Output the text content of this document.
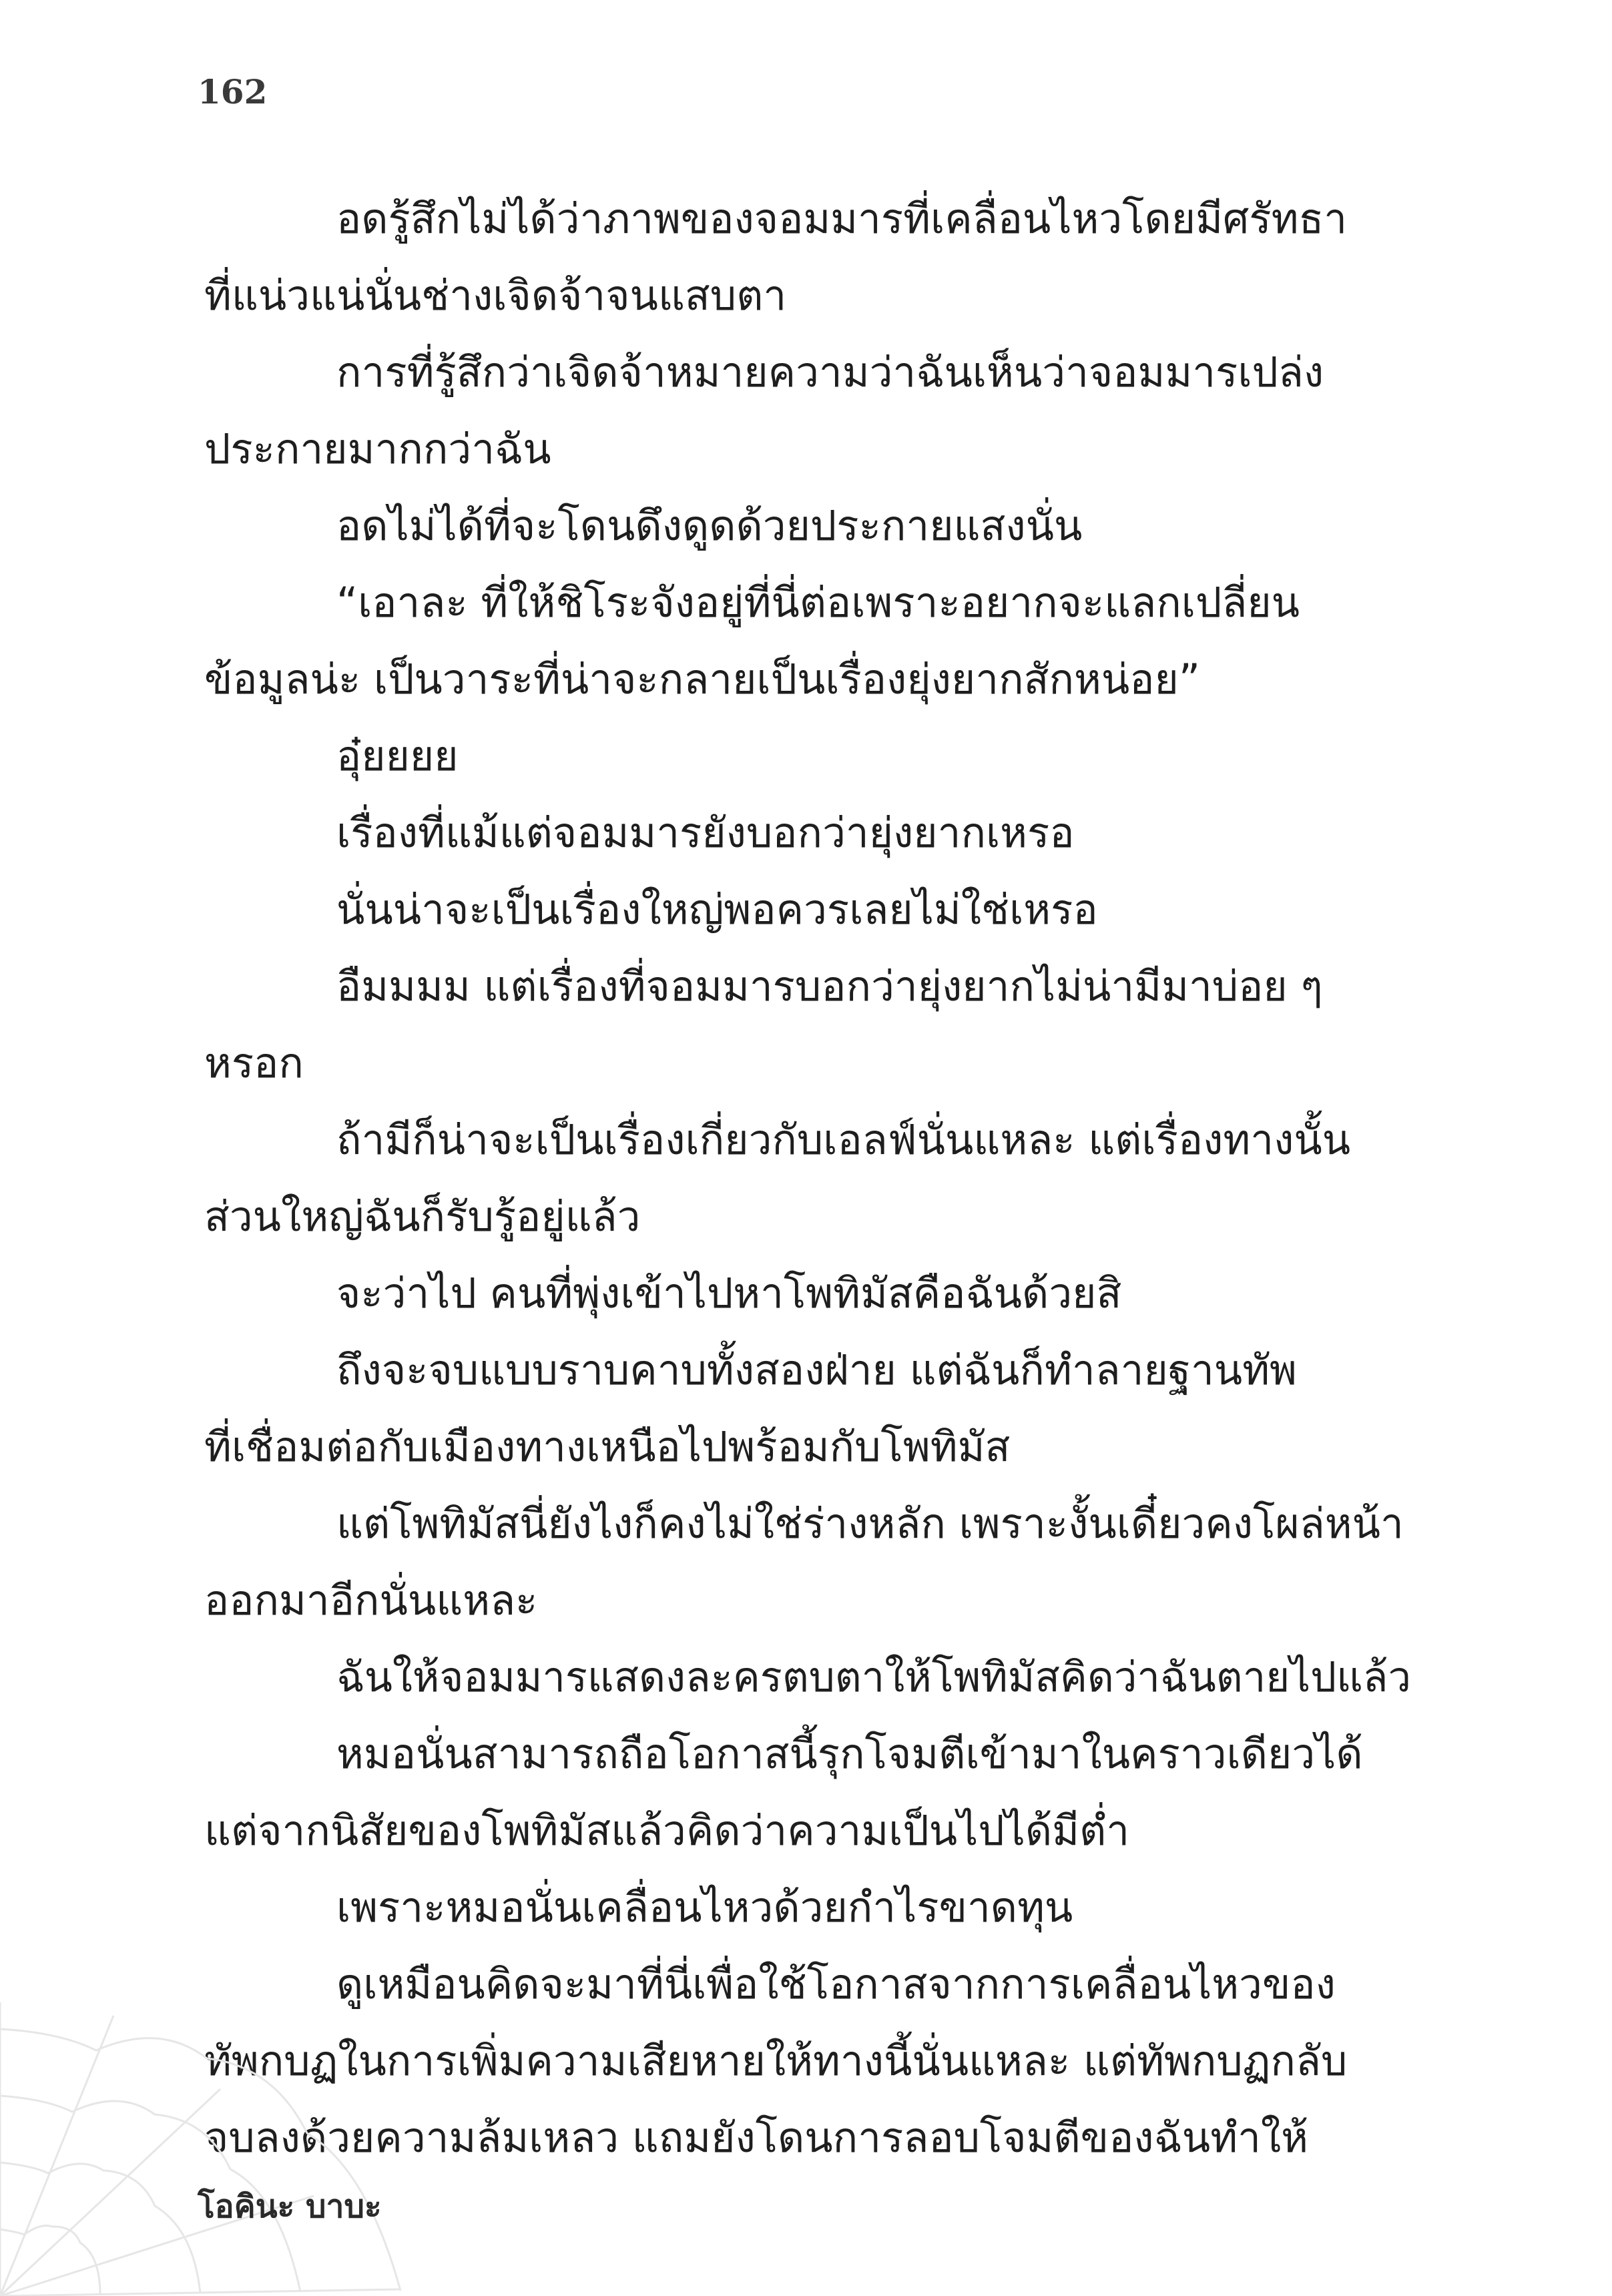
162
อดรู้สึกไม่ได้ว่าภาพของจอมมารที่เคลื่อนไหวโดยมีศรัทธา
ที่แน่วแน่นั่นช่างเจิดจ้าจนแสบตา
การที่รู้สึกว่าเจิดจ้าหมายความว่าฉันเห็นว่าจอมมารเปล่ง
ประกายมากกว่าฉัน
อดไม่ได้ที่จะโดนดึงดูดด้วยประกายแสงนั่น
“เอาละ ที่ให้ชิโระจังอยู่ที่นี่ต่อเพราะอยากจะแลกเปลี่ยน
ข้อมูลน่ะ เป็นวาระที่น่าจะกลายเป็นเรื่องยุ่งยากสักหน่อย”
อุ๋ยยยย
เรื่องที่แม้แต่จอมมารยังบอกว่ายุ่งยากเหรอ
นั่นน่าจะเป็นเรื่องใหญ่พอควรเลยไม่ใช่เหรอ
อืมมมม แต่เรื่องที่จอมมารบอกว่ายุ่งยากไม่น่ามีมาบ่อย ๆ
หรอก
ถ้ามีก็น่าจะเป็นเรื่องเกี่ยวกับเอลฟ์นั่นแหละ แต่เรื่องทางนั้น
ส่วนใหญ่ฉันก็รับรู้อยู่แล้ว
จะว่าไป คนที่พุ่งเข้าไปหาโพทิมัสคือฉันด้วยสิ
ถึงจะจบแบบราบคาบทั้งสองฝ่าย แต่ฉันก็ทำลายฐานทัพ
ที่เชื่อมต่อกับเมืองทางเหนือไปพร้อมกับโพทิมัส
แต่โพทิมัสนี่ยังไงก็คงไม่ใช่ร่างหลัก เพราะงั้นเดี๋ยวคงโผล่หน้า
ออกมาอีกนั่นแหละ
ฉันให้จอมมารแสดงละครตบตาให้โพทิมัสคิดว่าฉันตายไปแล้ว
หมอนั่นสามารถถือโอกาสนี้รุกโจมตีเข้ามาในคราวเดียวได้
แต่จากนิสัยของโพทิมัสแล้วคิดว่าความเป็นไปได้มีต่ำ
เพราะหมอนั่นเคลื่อนไหวด้วยกำไรขาดทุน
ดูเหมือนคิดจะมาที่นี่เพื่อใช้โอกาสจากการเคลื่อนไหวของ
ทัพกบฏในการเพิ่มความเสียหายให้ทางนี้นั่นแหละ แต่ทัพกบฏกลับ
จบลงด้วยความล้มเหลว แถมยังโดนการลอบโจมตีของฉันทำให้
โอคินะ บาบะ
